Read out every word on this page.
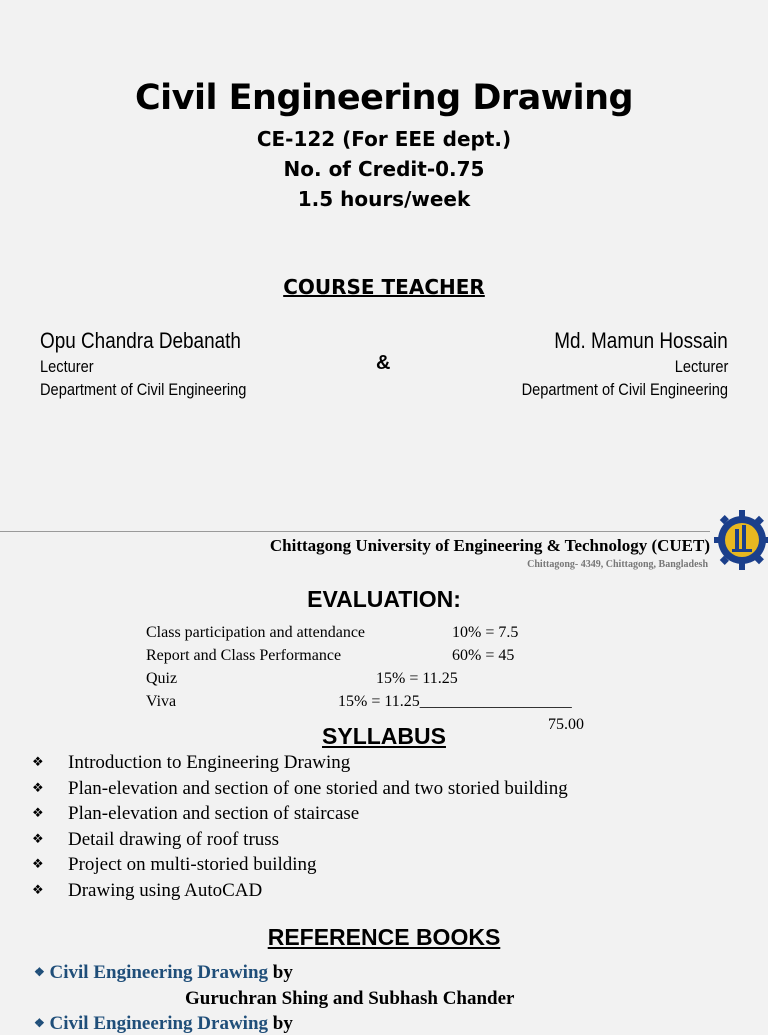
Civil Engineering Drawing
CE-122 (For EEE dept.)
No. of Credit-0.75
1.5 hours/week
COURSE TEACHER
Opu Chandra Debanath
Lecturer
Department of Civil Engineering
&
Md. Mamun Hossain
Lecturer
Department of Civil Engineering
Chittagong University of Engineering & Technology (CUET)
Chittagong- 4349, Chittagong, Bangladesh
EVALUATION:
Class participation and attendance	10% = 7.5
Report and Class Performance	60% = 45
Quiz	15% = 11.25
Viva	15% = 11.25___________________
75.00
SYLLABUS
❖ Introduction to Engineering Drawing
❖ Plan-elevation and section of one storied and two storied building
❖ Plan-elevation and section of staircase
❖ Detail drawing of roof truss
❖ Project on multi-storied building
❖ Drawing using AutoCAD
REFERENCE BOOKS
❖ Civil Engineering Drawing by
Guruchran Shing and Subhash Chander
❖ Civil Engineering Drawing by
